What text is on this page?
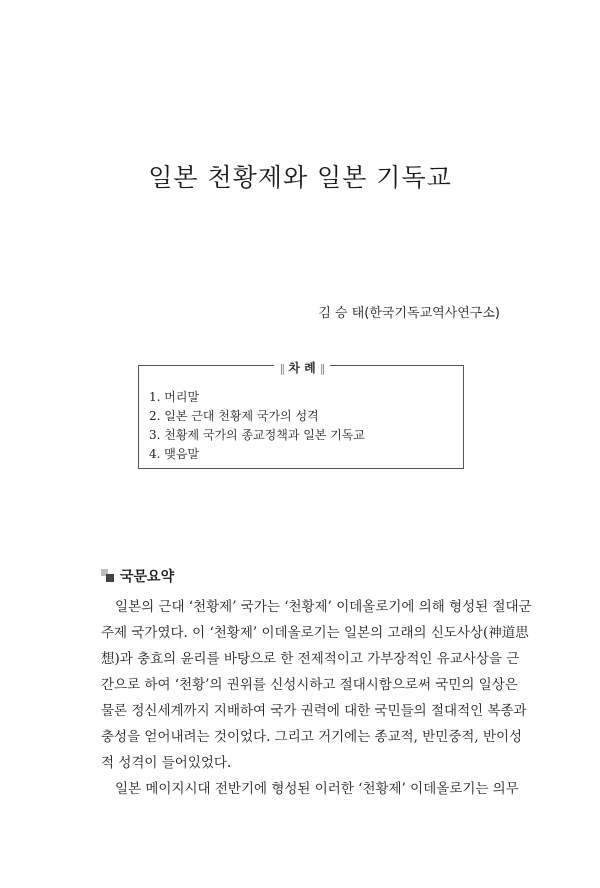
일본 천황제와 일본 기독교
김 승 태(한국기독교역사연구소)
‖ 차 례 ‖
1. 머리말
2. 일본 근대 천황제 국가의 성격
3. 천황제 국가의 종교정책과 일본 기독교
4. 맺음말
국문요약
일본의 근대 ‘천황제’ 국가는 ‘천황제’ 이데올로기에 의해 형성된 절대군
주제 국가였다. 이 ‘천황제’ 이데올로기는 일본의 고래의 신도사상(神道思
想)과 충효의 윤리를 바탕으로 한 전제적이고 가부장적인 유교사상을 근
간으로 하여 ‘천황’의 권위를 신성시하고 절대시함으로써 국민의 일상은
물론 정신세계까지 지배하여 국가 권력에 대한 국민들의 절대적인 복종과
충성을 얻어내려는 것이었다. 그리고 거기에는 종교적, 반민중적, 반이성
적 성격이 들어있었다.
일본 메이지시대 전반기에 형성된 이러한 ‘천황제’ 이데올로기는 의무
